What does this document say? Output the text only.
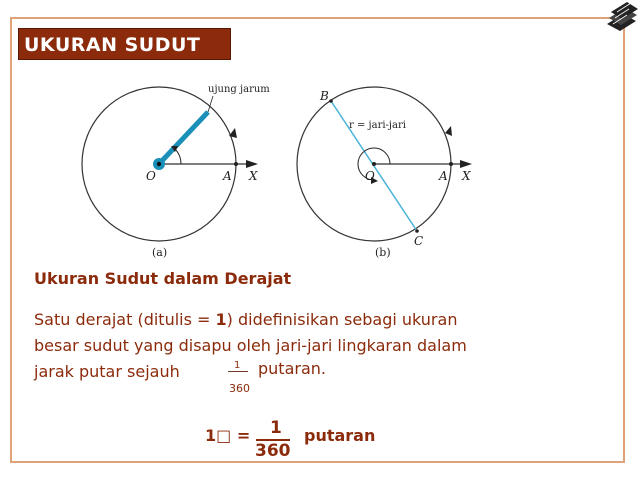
UKURAN SUDUT
ujung jarum
O	A X
(a)
B
r = jari-jari
O	A X
C
(b)
Ukuran Sudut dalam Derajat
Satu derajat (ditulis = 1) didefinisikan sebagi ukuran
besar sudut yang disapu oleh jari-jari lingkaran dalam
jarak putar sejauh	1
360
putaran.
1□ = 1
360
putaran
